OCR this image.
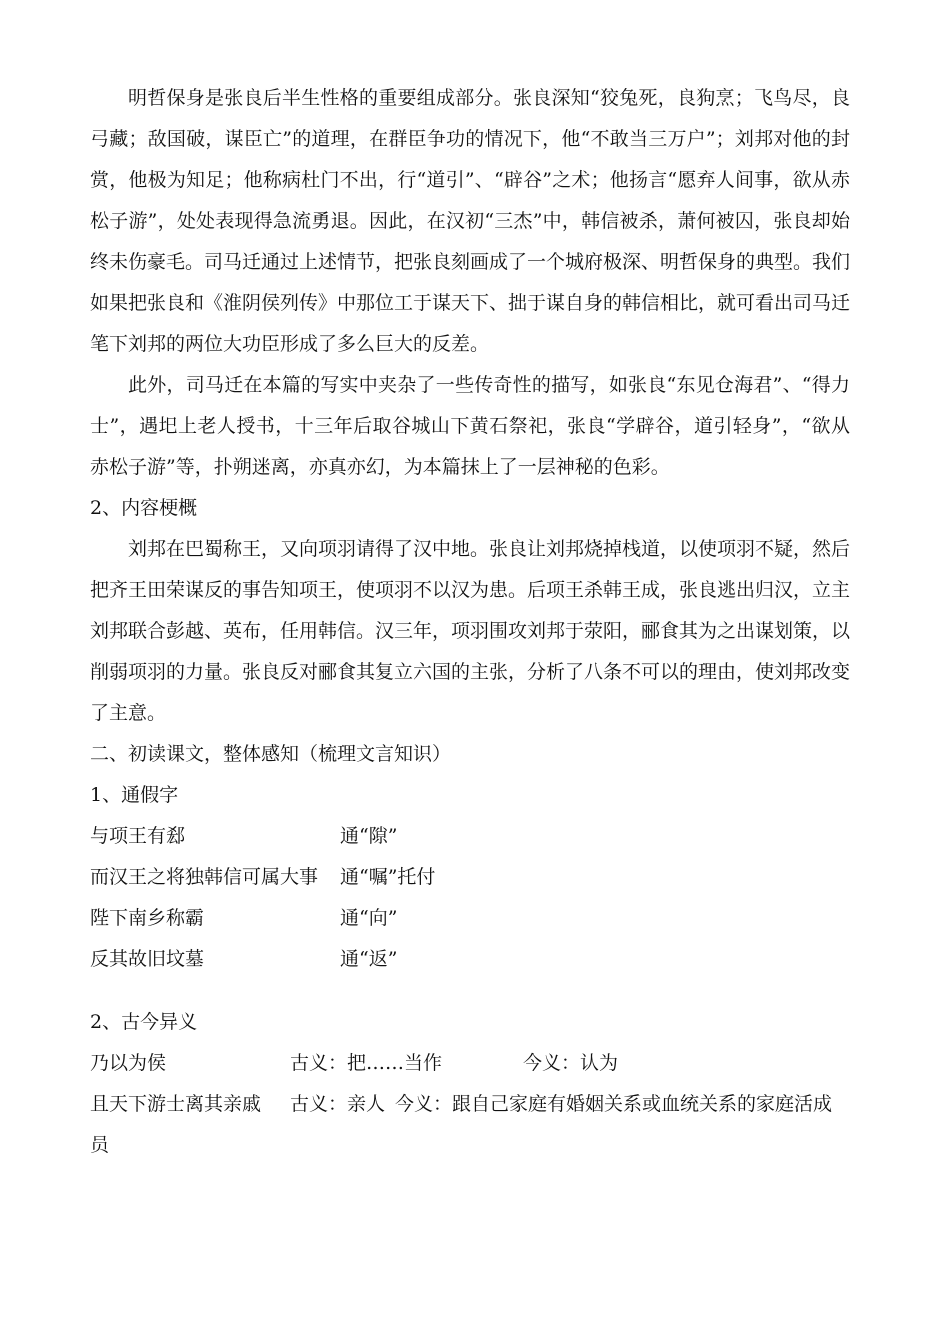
明哲保身是张良后半生性格的重要组成部分。张良深知“狡兔死，良狗烹；飞鸟尽，良弓藏；敌国破，谋臣亡”的道理，在群臣争功的情况下，他“不敢当三万户”；刘邦对他的封赏，他极为知足；他称病杜门不出，行“道引”、“辟谷”之术；他扬言“愿弃人间事，欲从赤松子游”，处处表现得急流勇退。因此，在汉初“三杰”中，韩信被杀，萧何被囚，张良却始终未伤豪毛。司马迁通过上述情节，把张良刻画成了一个城府极深、明哲保身的典型。我们如果把张良和《淮阴侯列传》中那位工于谋天下、拙于谋自身的韩信相比，就可看出司马迁笔下刘邦的两位大功臣形成了多么巨大的反差。

此外，司马迁在本篇的写实中夹杂了一些传奇性的描写，如张良“东见仓海君”、“得力士”，遇圯上老人授书，十三年后取谷城山下黄石祭祀，张良“学辟谷，道引轻身”，“欲从赤松子游”等，扑朔迷离，亦真亦幻，为本篇抹上了一层神秘的色彩。

2、内容梗概

刘邦在巴蜀称王，又向项羽请得了汉中地。张良让刘邦烧掉栈道，以使项羽不疑，然后把齐王田荣谋反的事告知项王，使项羽不以汉为患。后项王杀韩王成，张良逃出归汉，立主刘邦联合彭越、英布，任用韩信。汉三年，项羽围攻刘邦于荥阳，郦食其为之出谋划策，以削弱项羽的力量。张良反对郦食其复立六国的主张，分析了八条不可以的理由，使刘邦改变了主意。

二、初读课文，整体感知（梳理文言知识）

1、通假字

与项王有郄	通“隙”
而汉王之将独韩信可属大事	通“嘱”托付
陛下南乡称霸	通“向”
反其故旧坟墓	通“返”

2、古今异义

乃以为侯	古义：把……当作	今义：认为
且天下游士离其亲戚	古义：亲人 今义：跟自己家庭有婚姻关系或血统关系的家庭活成

员
